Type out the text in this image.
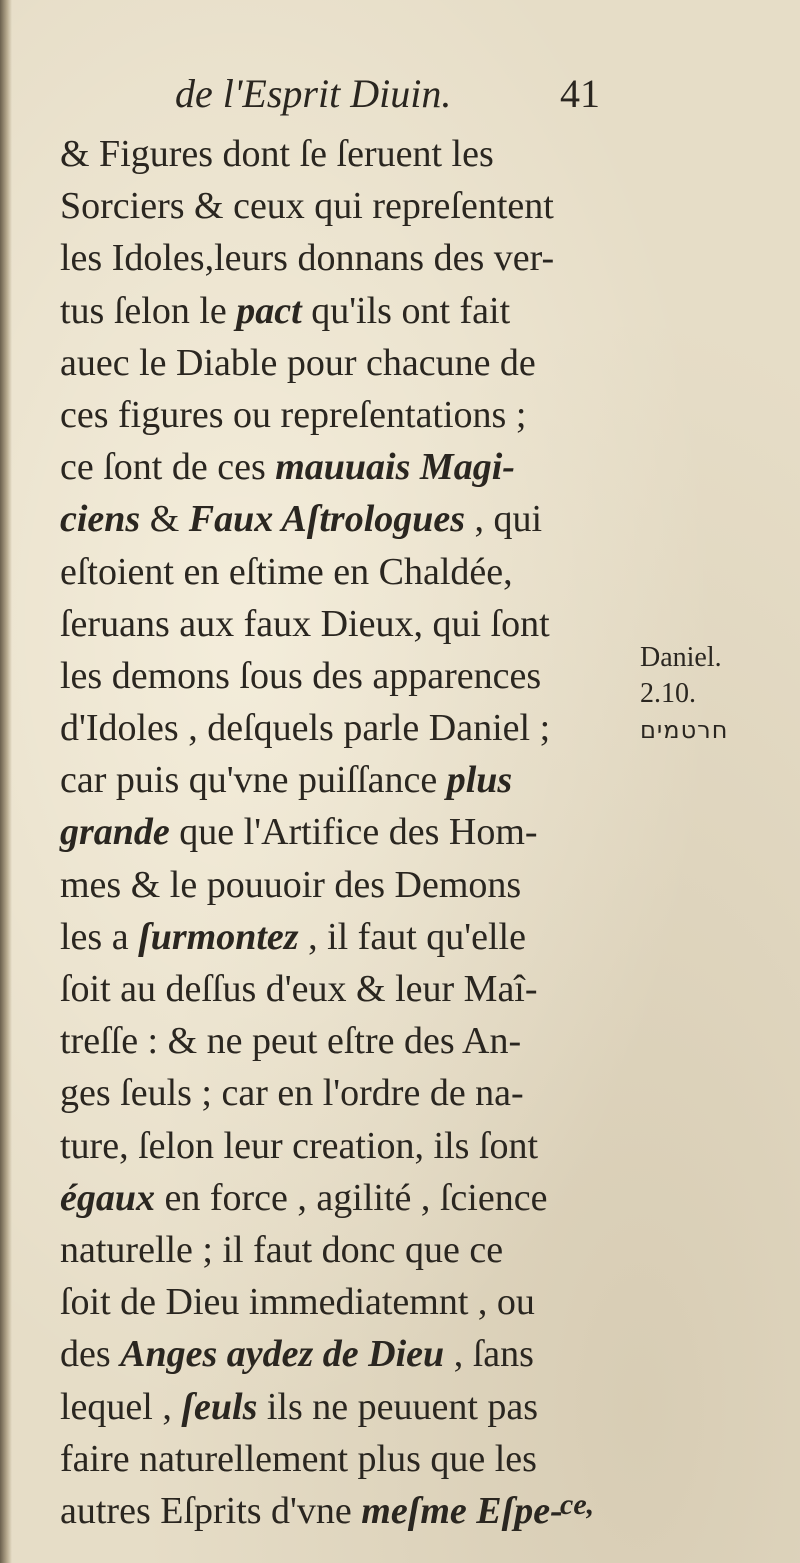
de l'Esprit Diuin.	41
& Figures dont ſe ſeruent les
Sorciers & ceux qui repreſentent
les Idoles,leurs donnans des ver-
tus ſelon le pact qu'ils ont fait
auec le Diable pour chacune de
ces figures ou repreſentations ;
ce ſont de ces mauuais Magi-
ciens & Faux Aſtrologues , qui
eſtoient en eſtime en Chaldée,
ſeruans aux faux Dieux, qui ſont
les demons ſous des apparences
d'Idoles , deſquels parle Daniel ;
car puis qu'vne puiſſance plus
grande que l'Artifice des Hom-
mes & le pouuoir des Demons
les a ſurmontez , il faut qu'elle
ſoit au deſſus d'eux & leur Maî-
treſſe : & ne peut eſtre des An-
ges ſeuls ; car en l'ordre de na-
ture, ſelon leur creation, ils ſont
égaux en force , agilité , ſcience
naturelle ; il faut donc que ce
ſoit de Dieu immediatemnt , ou
des Anges aydez de Dieu , ſans
lequel , ſeuls ils ne peuuent pas
faire naturellement plus que les
autres Eſprits d'vne meſme Eſpe-
Daniel.
2.10.
חרטמים
ce,
